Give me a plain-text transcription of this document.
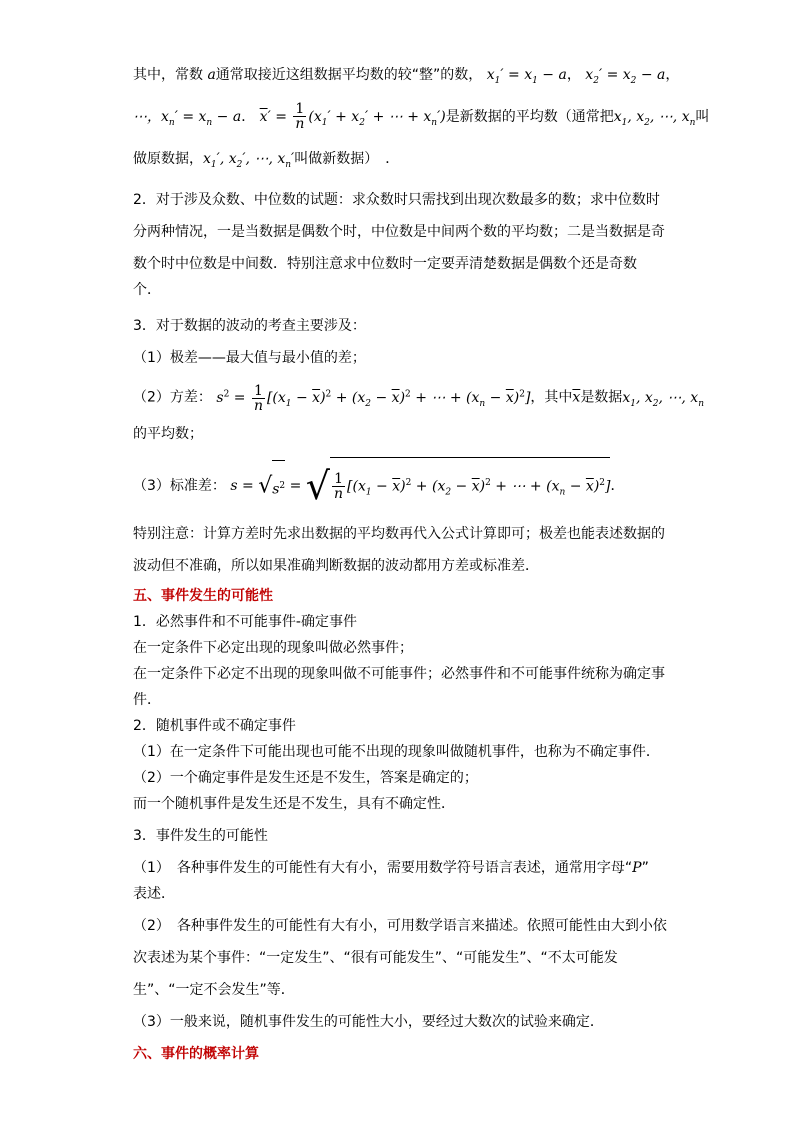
其中，常数 a通常取接近这组数据平均数的较“整”的数， $x_1' = x_1 - a$， $x_2' = x_2 - a$，
⋯，$x_n' = x_n - a$． $\overline{x}' = \frac{1}{n} (x_1' + x_2'$ + ⋯ + $x_n'$)是新数据的平均数（通常把$x_1$, $x_2$, ⋯, $x_n$叫
做原数据，$x_1'$, $x_2'$, ⋯, $x_n'$叫做新数据）　．
2．对于涉及众数、中位数的试题：求众数时只需找到出现次数最多的数；求中位数时
分两种情况，一是当数据是偶数个时，中位数是中间两个数的平均数；二是当数据是奇
数个时中位数是中间数．特别注意求中位数时一定要弄清楚数据是偶数个还是奇数
个．
3．对于数据的波动的考查主要涉及：
（1）极差——最大值与最小值的差；
（2）方差： $s^2 = \frac{1}{n} [(x_1 - \overline{x})^2 + (x_2 - \overline{x})^2$ + ⋯ + $(x_n - \overline{x})^2$]，其中$\overline{x}$是数据$x_1$, $x_2$, ⋯, $x_n$
的平均数；
（3）标准差： $s = √s^2$ = √ $\frac{1}{n} [(x_1 - \overline{x})^2 + (x_2 - \overline{x})^2$ + ⋯ + $(x_n - \overline{x})^2$]．
特别注意：计算方差时先求出数据的平均数再代入公式计算即可；极差也能表述数据的
波动但不准确，所以如果准确判断数据的波动都用方差或标准差．
五、事件发生的可能性
1．必然事件和不可能事件-确定事件
在一定条件下必定出现的现象叫做必然事件；
在一定条件下必定不出现的现象叫做不可能事件；必然事件和不可能事件统称为确定事
件．
2．随机事件或不确定事件
（1）在一定条件下可能出现也可能不出现的现象叫做随机事件，也称为不确定事件．
（2）一个确定事件是发生还是不发生，答案是确定的；
而一个随机事件是发生还是不发生，具有不确定性．
3．事件发生的可能性
（1）　各种事件发生的可能性有大有小，需要用数学符号语言表述，通常用字母“P”
表述．
（2）　各种事件发生的可能性有大有小，可用数学语言来描述。依照可能性由大到小依
次表述为某个事件：“一定发生”、“很有可能发生”、“可能发生”、“不太可能发
生”、“一定不会发生”等．
（3）一般来说，随机事件发生的可能性大小，要经过大数次的试验来确定．
六、事件的概率计算
